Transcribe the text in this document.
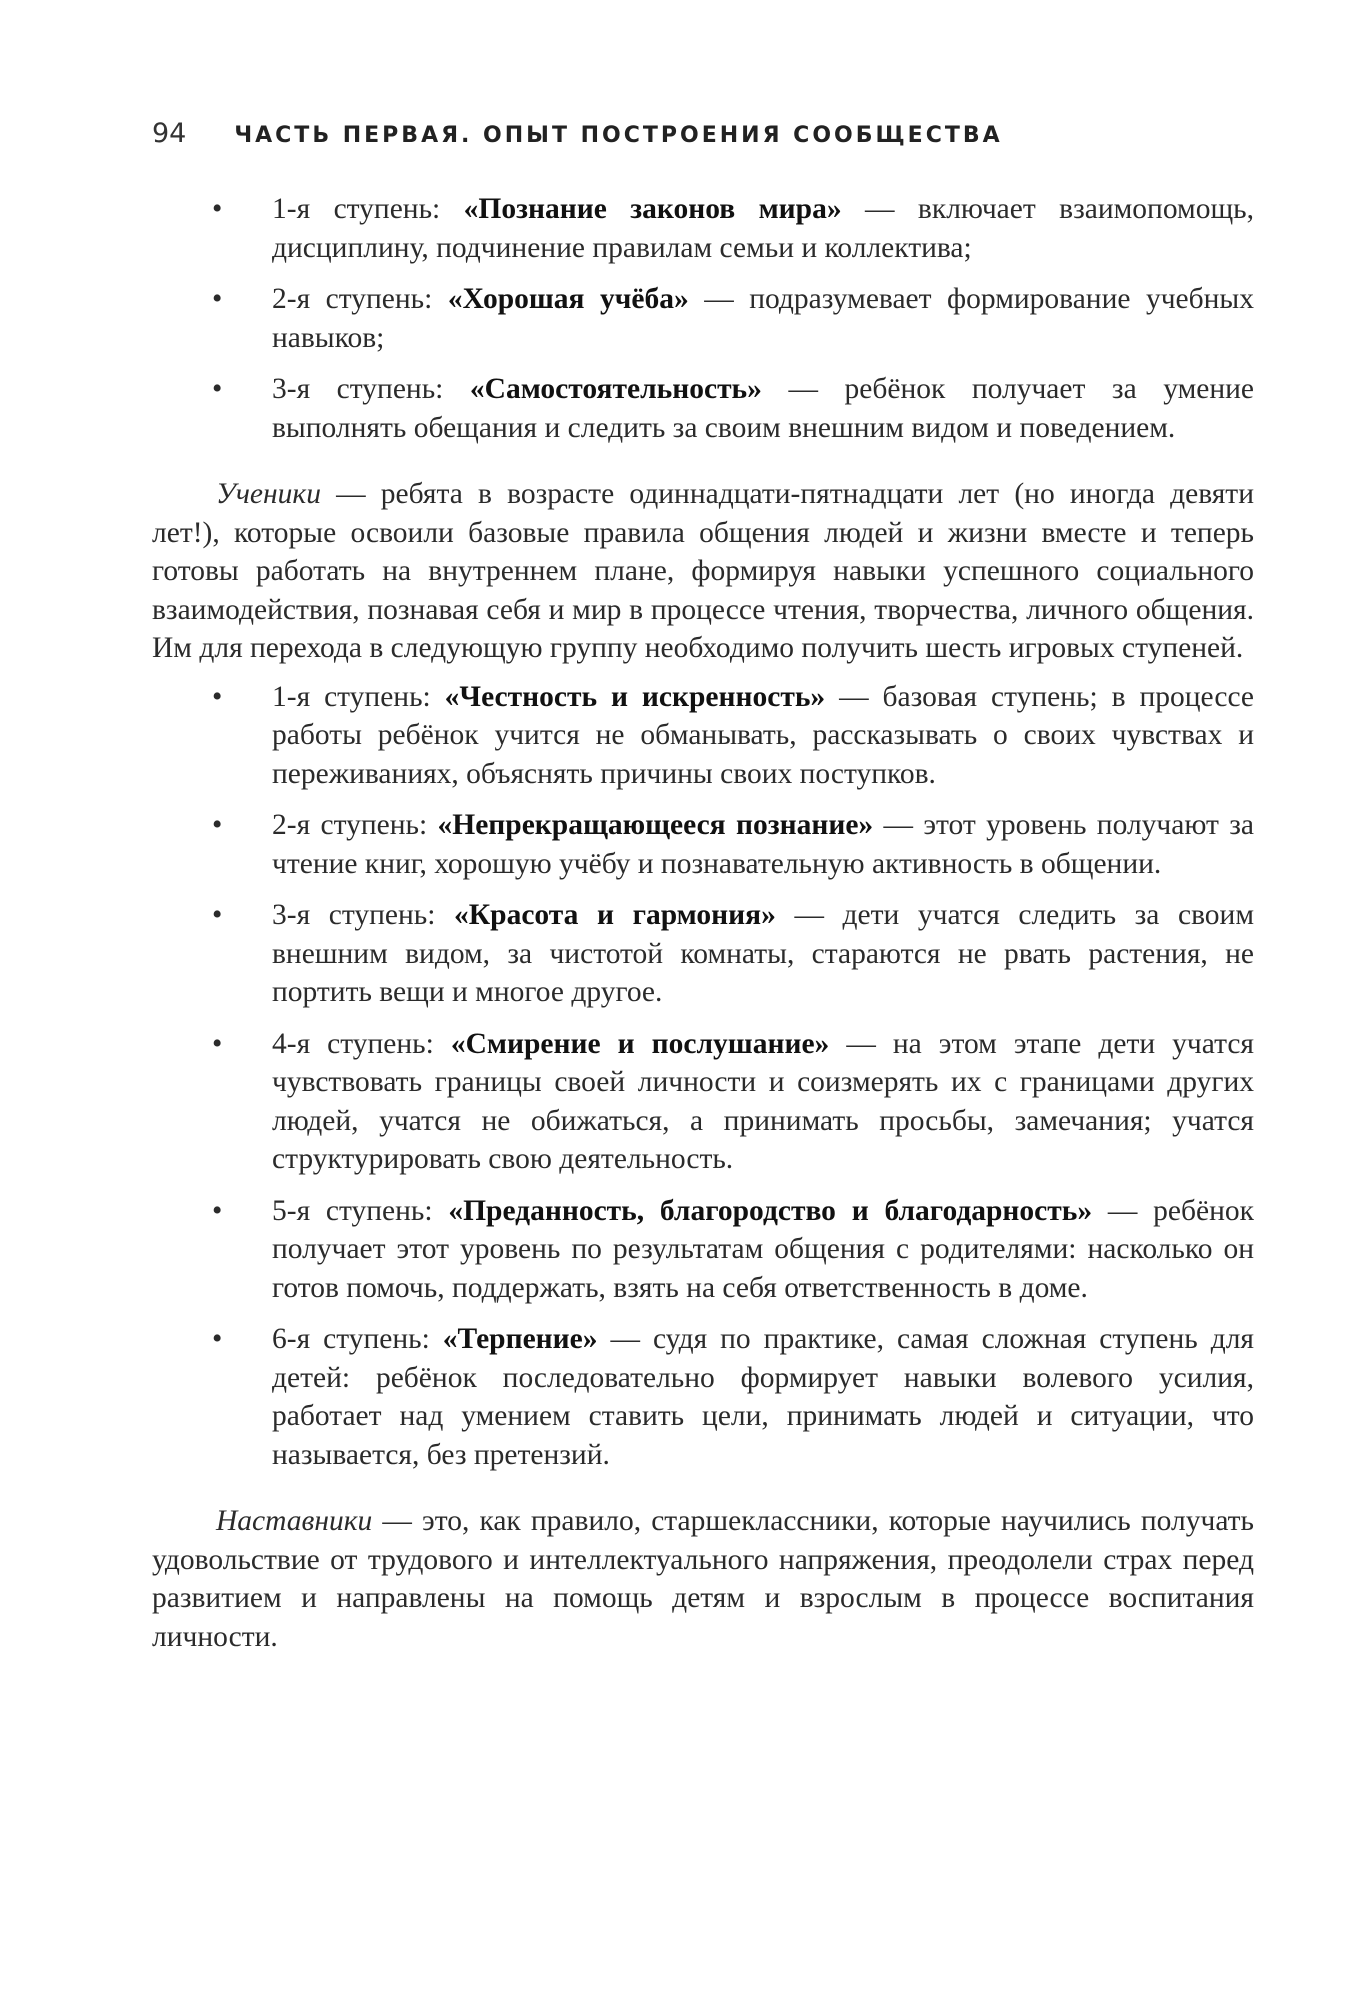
94 ЧАСТЬ ПЕРВАЯ. ОПЫТ ПОСТРОЕНИЯ СООБЩЕСТВА
• 1-я ступень: «Познание законов мира» — включает взаимопомощь, дисциплину, подчинение правилам семьи и коллектива;
• 2-я ступень: «Хорошая учёба» — подразумевает формирование учебных навыков;
• 3-я ступень: «Самостоятельность» — ребёнок получает за умение выполнять обещания и следить за своим внешним видом и поведением.

Ученики — ребята в возрасте одиннадцати-пятнадцати лет (но иногда девяти лет!), которые освоили базовые правила общения людей и жизни вместе и теперь готовы работать на внутреннем плане, формируя навыки успешного социального взаимодействия, познавая себя и мир в процессе чтения, творчества, личного общения. Им для перехода в следующую группу необходимо получить шесть игровых ступеней.

• 1-я ступень: «Честность и искренность» — базовая ступень; в процессе работы ребёнок учится не обманывать, рассказывать о своих чувствах и переживаниях, объяснять причины своих поступков.
• 2-я ступень: «Непрекращающееся познание» — этот уровень получают за чтение книг, хорошую учёбу и познавательную активность в общении.
• 3-я ступень: «Красота и гармония» — дети учатся следить за своим внешним видом, за чистотой комнаты, стараются не рвать растения, не портить вещи и многое другое.
• 4-я ступень: «Смирение и послушание» — на этом этапе дети учатся чувствовать границы своей личности и соизмерять их с границами других людей, учатся не обижаться, а принимать просьбы, замечания; учатся структурировать свою деятельность.
• 5-я ступень: «Преданность, благородство и благодарность» — ребёнок получает этот уровень по результатам общения с родителями: насколько он готов помочь, поддержать, взять на себя ответственность в доме.
• 6-я ступень: «Терпение» — судя по практике, самая сложная ступень для детей: ребёнок последовательно формирует навыки волевого усилия, работает над умением ставить цели, принимать людей и ситуации, что называется, без претензий.

Наставники — это, как правило, старшеклассники, которые научились получать удовольствие от трудового и интеллектуального напряжения, преодолели страх перед развитием и направлены на помощь детям и взрослым в процессе воспитания личности.
